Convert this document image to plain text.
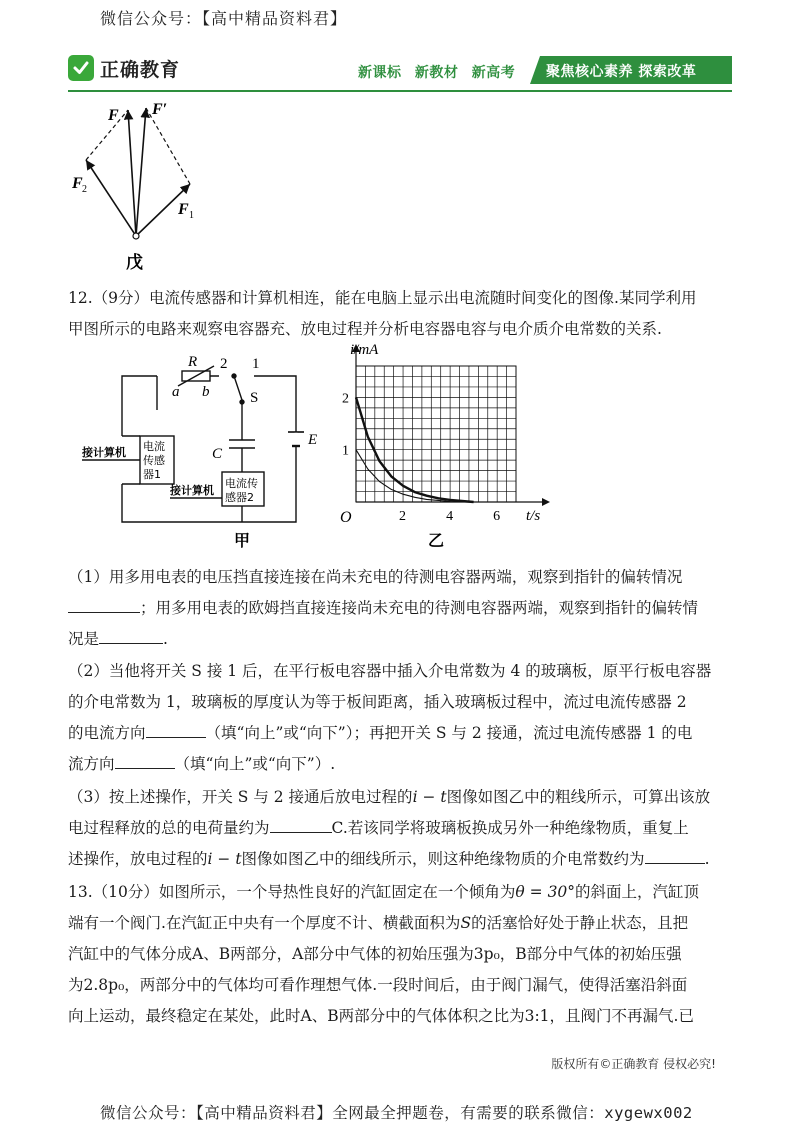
微信公众号：【高中精品资料君】
正确教育	新课标 新教材 新高考	聚焦核心素养 探索改革
F F′
F 2
F 1
戊
12.（9分）电流传感器和计算机相连，能在电脑上显示出电流随时间变化的图像.某同学利用
甲图所示的电路来观察电容器充、放电过程并分析电容器电容与电介质介电常数的关系.
R
a b
2 1
S
C
E
电流
传感
器1
电流传
感器2
接计算机
接计算机
甲
2	4	6
1
2
i/mA
t/s
O
乙
（1）用多用电表的电压挡直接连接在尚未充电的待测电容器两端，观察到指针的偏转情况
；用多用电表的欧姆挡直接连接尚未充电的待测电容器两端，观察到指针的偏转情
况是	.
（2）当他将开关 S 接 1 后，在平行板电容器中插入介电常数为 4 的玻璃板，原平行板电容器
的介电常数为 1，玻璃板的厚度认为等于板间距离，插入玻璃板过程中，流过电流传感器 2
的电流方向	（填“向上”或“向下”）；再把开关 S 与 2 接通，流过电流传感器 1 的电
流方向	（填“向上”或“向下”）.
（3）按上述操作，开关 S 与 2 接通后放电过程的i − t图像如图乙中的粗线所示，可算出该放
电过程释放的总的电荷量约为	C.若该同学将玻璃板换成另外一种绝缘物质，重复上
述操作，放电过程的i − t图像如图乙中的细线所示，则这种绝缘物质的介电常数约为	.
13.（10分）如图所示，一个导热性良好的汽缸固定在一个倾角为θ = 30°的斜面上，汽缸顶
端有一个阀门.在汽缸正中央有一个厚度不计、横截面积为S的活塞恰好处于静止状态，且把
汽缸中的气体分成A、B两部分，A部分中气体的初始压强为3p₀，B部分中气体的初始压强
为2.8p₀，两部分中的气体均可看作理想气体.一段时间后，由于阀门漏气，使得活塞沿斜面
向上运动，最终稳定在某处，此时A、B两部分中的气体体积之比为3:1，且阀门不再漏气.已
版权所有©正确教育 侵权必究!
微信公众号：【高中精品资料君】全网最全押题卷，有需要的联系微信：xygewx002
